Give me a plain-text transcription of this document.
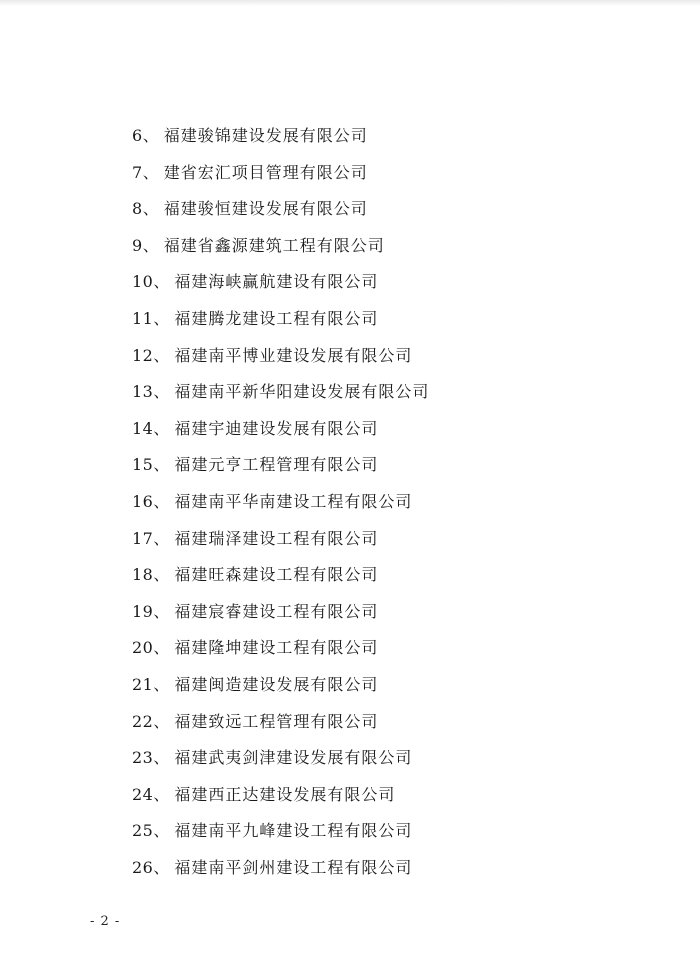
6、 福建骏锦建设发展有限公司
7、 建省宏汇项目管理有限公司
8、 福建骏恒建设发展有限公司
9、 福建省鑫源建筑工程有限公司
10、 福建海峡赢航建设有限公司
11、 福建腾龙建设工程有限公司
12、 福建南平博业建设发展有限公司
13、 福建南平新华阳建设发展有限公司
14、 福建宇迪建设发展有限公司
15、 福建元亨工程管理有限公司
16、 福建南平华南建设工程有限公司
17、 福建瑞泽建设工程有限公司
18、 福建旺森建设工程有限公司
19、 福建宸睿建设工程有限公司
20、 福建隆坤建设工程有限公司
21、 福建闽造建设发展有限公司
22、 福建致远工程管理有限公司
23、 福建武夷剑津建设发展有限公司
24、 福建西正达建设发展有限公司
25、 福建南平九峰建设工程有限公司
26、 福建南平剑州建设工程有限公司
- 2 -
